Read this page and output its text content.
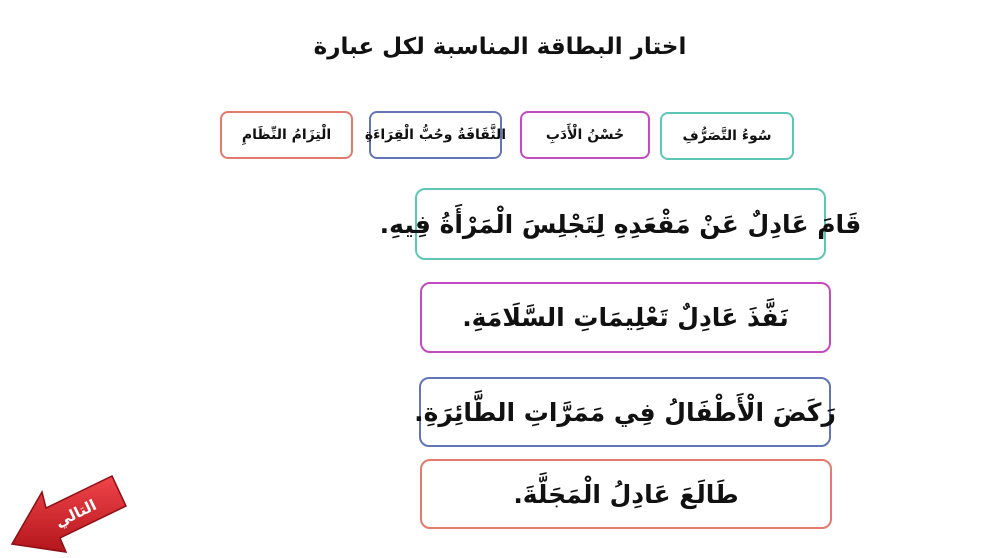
اختار البطاقة المناسبة لكل عبارة
سُوءُ التَّصَرُّفِ
حُسْنُ الْأَدَبِ
الثَّقَافَةُ وحُبُّ الْقِرَاءَةِ
الْتِزَامُ النِّظَامِ
قَامَ عَادِلٌ عَنْ مَقْعَدِهِ لِتَجْلِسَ الْمَرْأَةُ فِيهِ.
نَفَّذَ عَادِلٌ تَعْلِيمَاتِ السَّلَامَةِ.
رَكَضَ الْأَطْفَالُ فِي مَمَرَّاتِ الطَّائِرَةِ.
طَالَعَ عَادِلُ الْمَجَلَّةَ.
التالي
